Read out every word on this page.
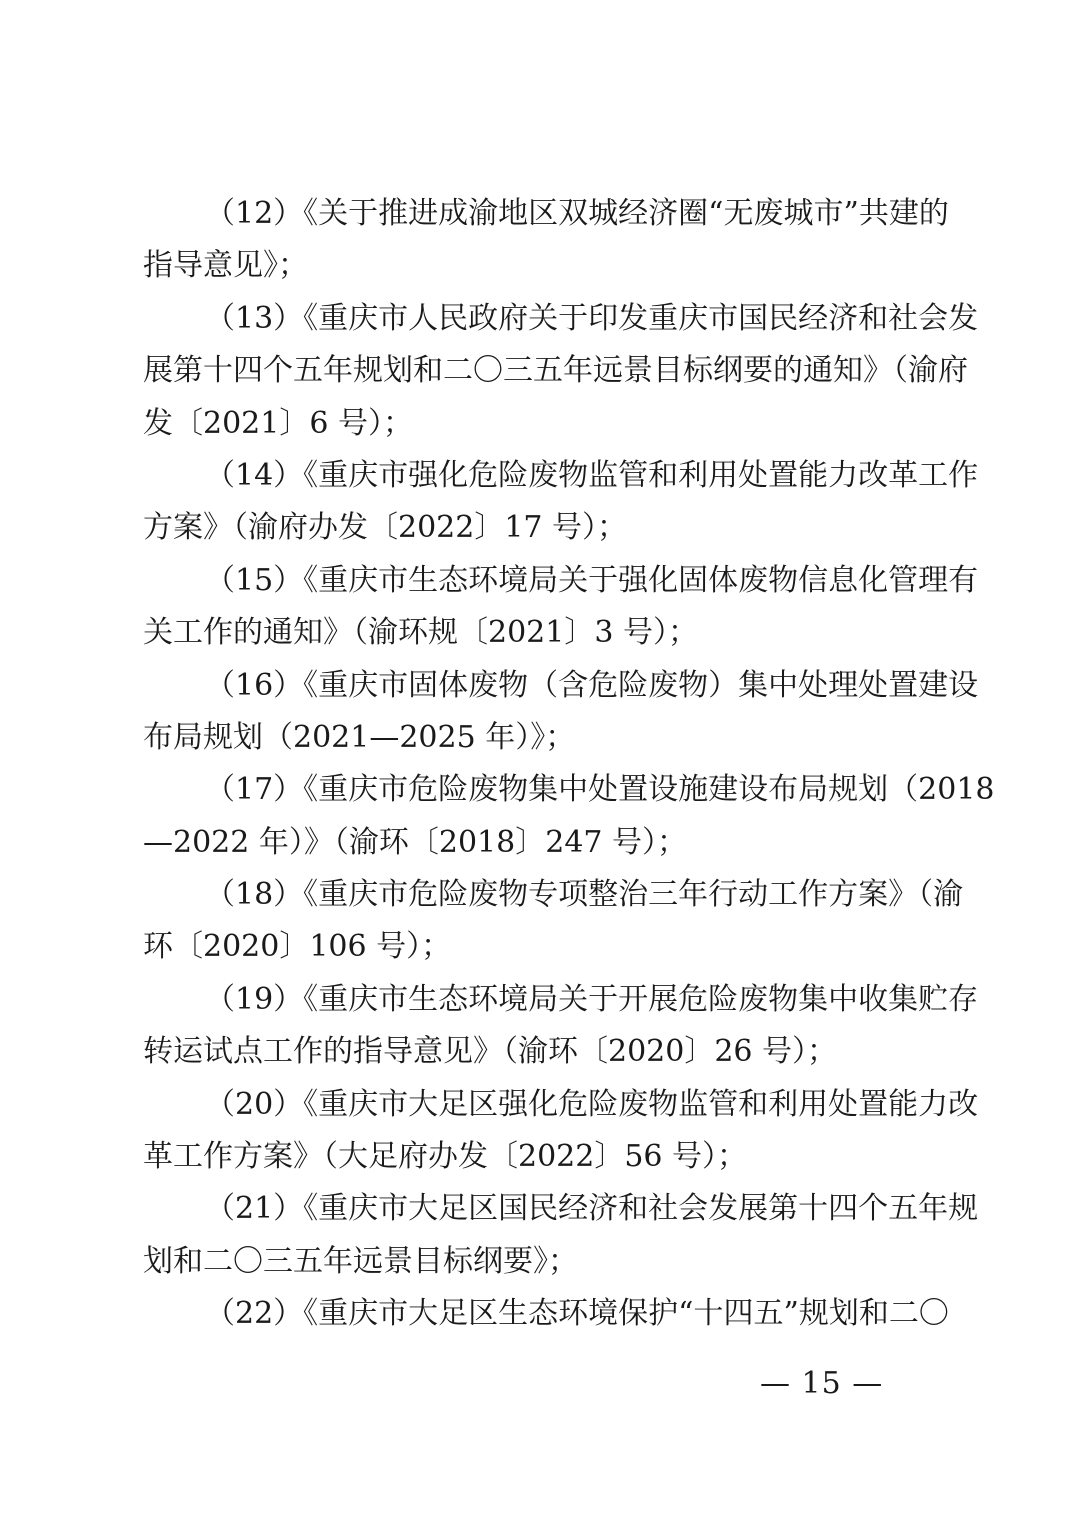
（12）《关于推进成渝地区双城经济圈“无废城市”共建的
指导意见》；
（13）《重庆市人民政府关于印发重庆市国民经济和社会发
展第十四个五年规划和二〇三五年远景目标纲要的通知》（渝府
发〔2021〕6 号）；
（14）《重庆市强化危险废物监管和利用处置能力改革工作
方案》（渝府办发〔2022〕17 号）；
（15）《重庆市生态环境局关于强化固体废物信息化管理有
关工作的通知》（渝环规〔2021〕3 号）；
（16）《重庆市固体废物（含危险废物）集中处理处置建设
布局规划（2021—2025 年）》；
（17）《重庆市危险废物集中处置设施建设布局规划（2018
—2022 年）》（渝环〔2018〕247 号）；
（18）《重庆市危险废物专项整治三年行动工作方案》（渝
环〔2020〕106 号）；
（19）《重庆市生态环境局关于开展危险废物集中收集贮存
转运试点工作的指导意见》（渝环〔2020〕26 号）；
（20）《重庆市大足区强化危险废物监管和利用处置能力改
革工作方案》（大足府办发〔2022〕56 号）；
（21）《重庆市大足区国民经济和社会发展第十四个五年规
划和二〇三五年远景目标纲要》；
（22）《重庆市大足区生态环境保护“十四五”规划和二〇
— 15 —
